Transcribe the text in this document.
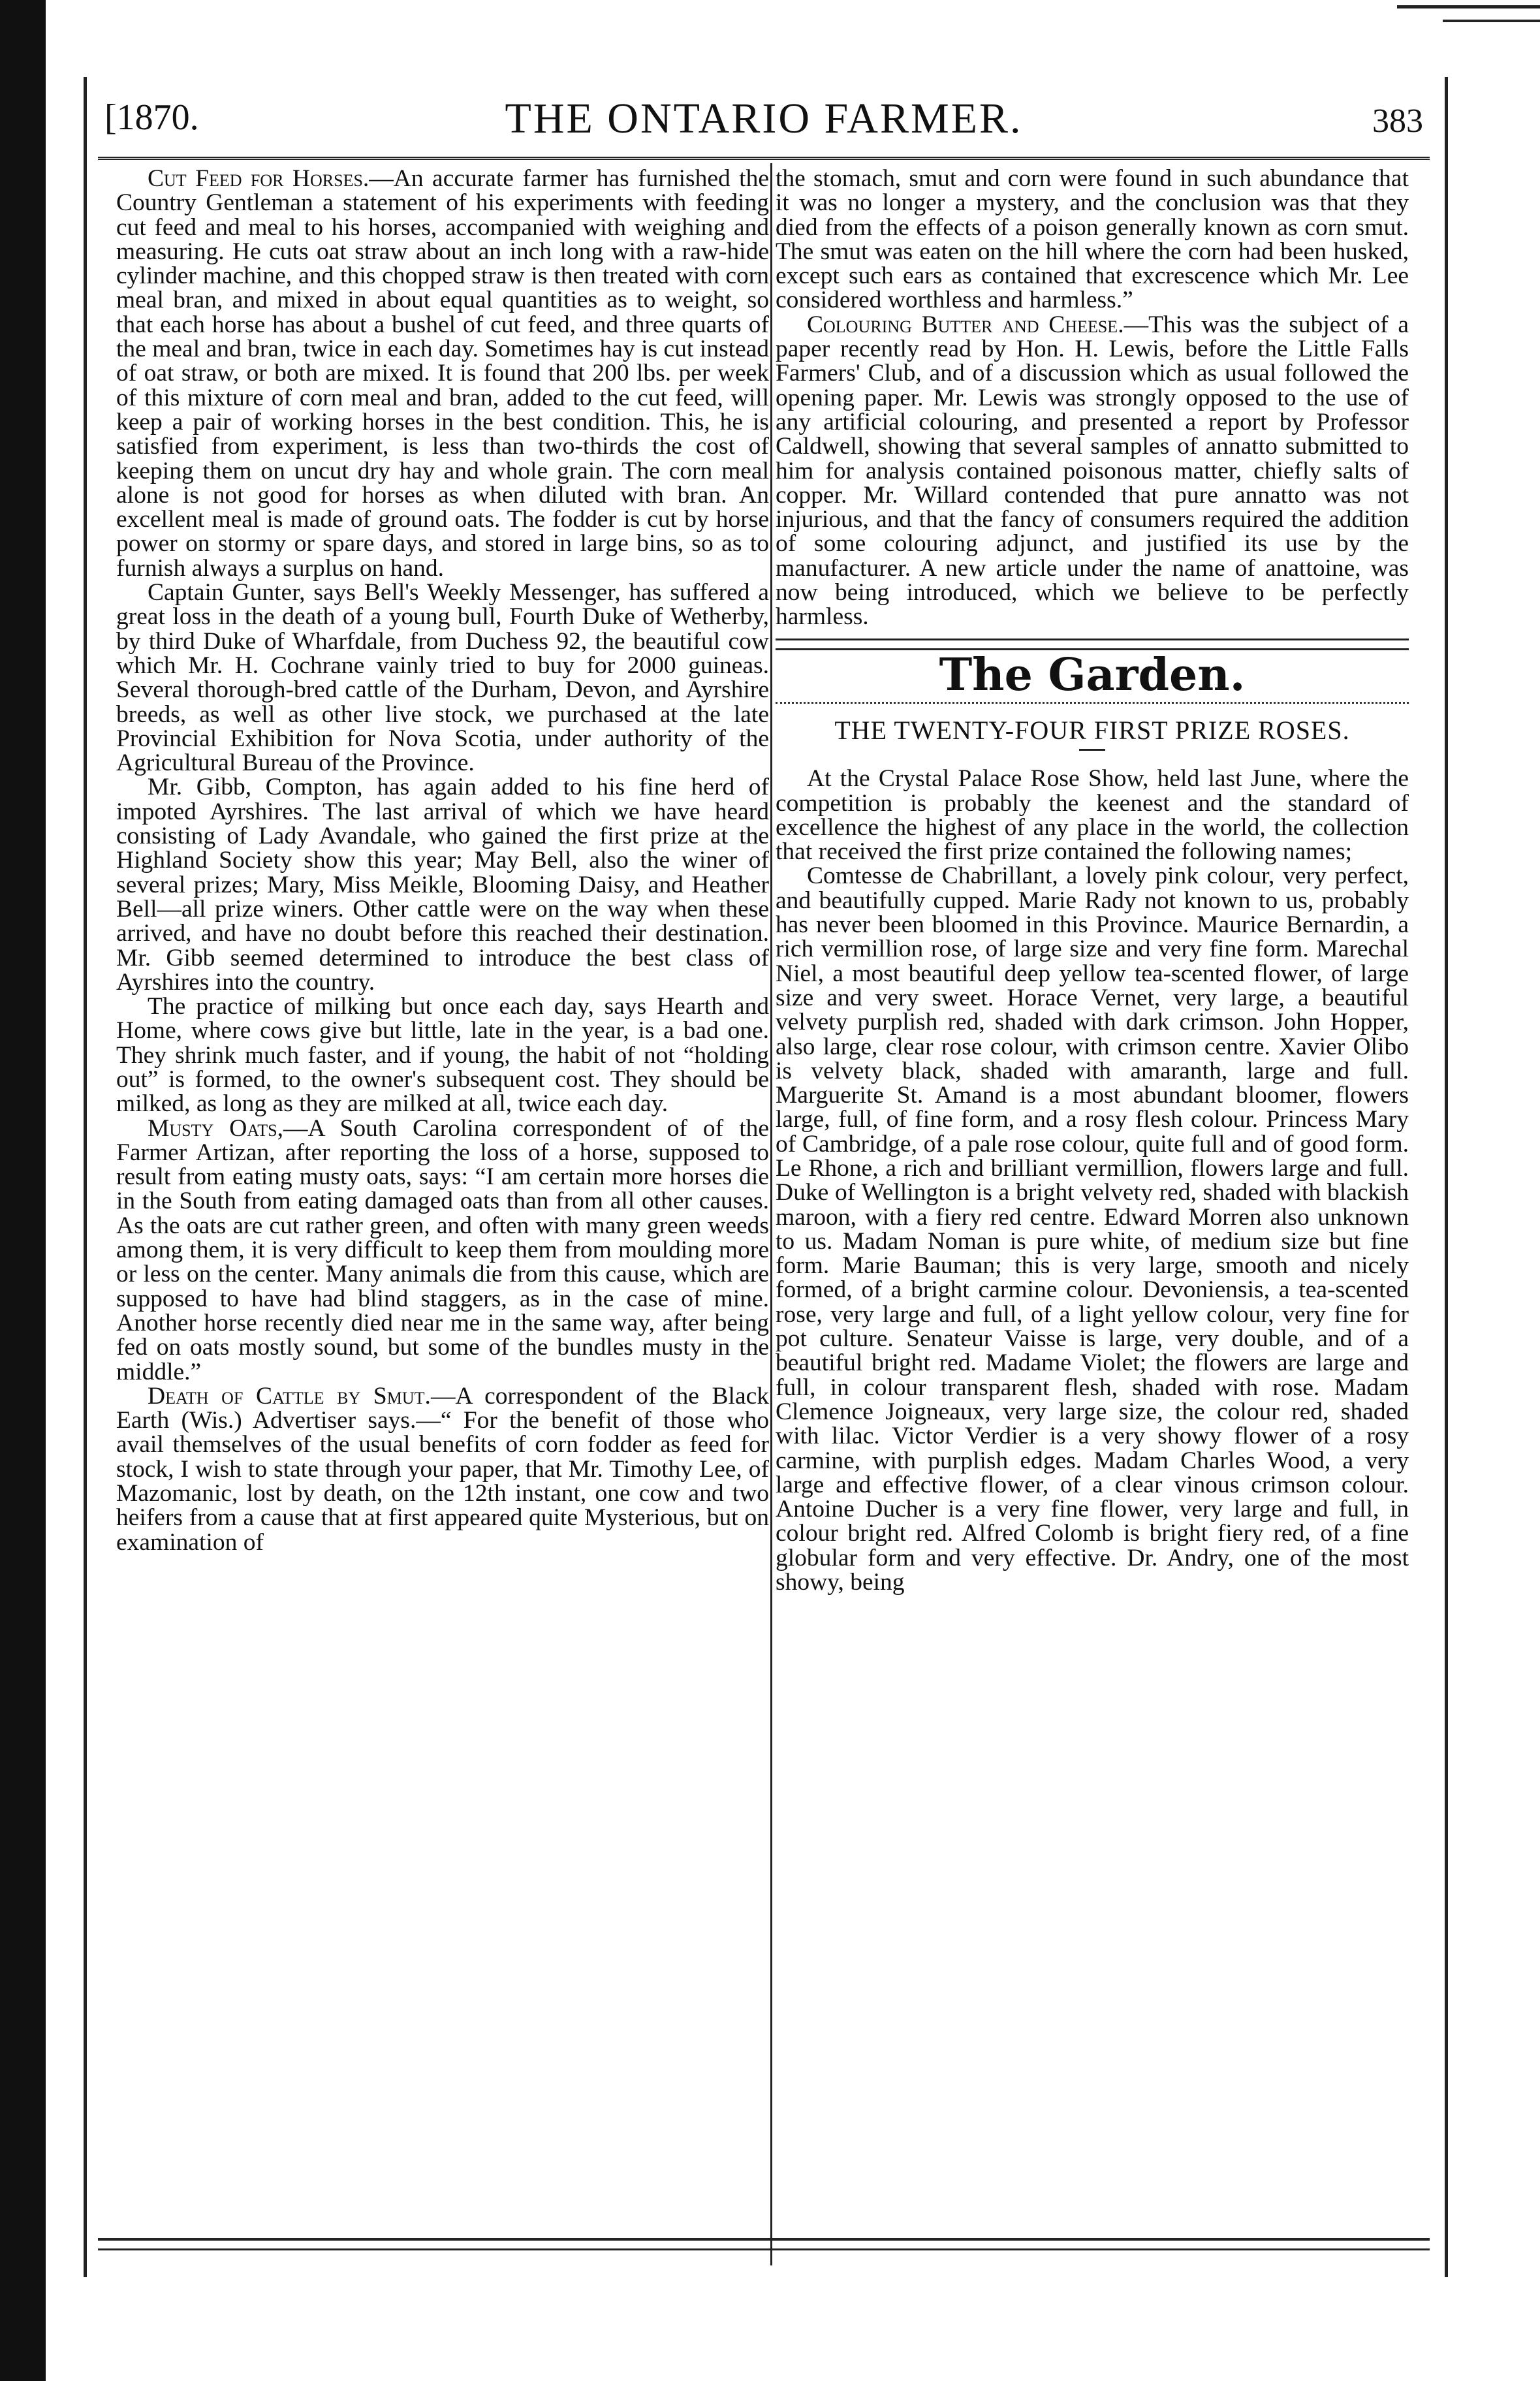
[1870.	THE ONTARIO FARMER.	383

Cut Feed for Horses.—An accurate farmer has furnished the Country Gentleman a statement of his experiments with feeding cut feed and meal to his horses, accompanied with weighing and measuring. He cuts oat straw about an inch long with a raw-hide cylinder machine, and this chopped straw is then treated with corn meal bran, and mixed in about equal quantities as to weight, so that each horse has about a bushel of cut feed, and three quarts of the meal and bran, twice in each day. Sometimes hay is cut instead of oat straw, or both are mixed. It is found that 200 lbs. per week of this mixture of corn meal and bran, added to the cut feed, will keep a pair of working horses in the best condition. This, he is satisfied from experiment, is less than two-thirds the cost of keeping them on uncut dry hay and whole grain. The corn meal alone is not good for horses as when diluted with bran. An excellent meal is made of ground oats. The fodder is cut by horse power on stormy or spare days, and stored in large bins, so as to furnish always a surplus on hand.

Captain Gunter, says Bell's Weekly Messenger, has suffered a great loss in the death of a young bull, Fourth Duke of Wetherby, by third Duke of Wharfdale, from Duchess 92, the beautiful cow which Mr. H. Cochrane vainly tried to buy for 2000 guineas. Several thorough-bred cattle of the Durham, Devon, and Ayrshire breeds, as well as other live stock, we purchased at the late Provincial Exhibition for Nova Scotia, under authority of the Agricultural Bureau of the Province.

Mr. Gibb, Compton, has again added to his fine herd of impoted Ayrshires. The last arrival of which we have heard consisting of Lady Avandale, who gained the first prize at the Highland Society show this year; May Bell, also the winer of several prizes; Mary, Miss Meikle, Blooming Daisy, and Heather Bell—all prize winers. Other cattle were on the way when these arrived, and have no doubt before this reached their destination. Mr. Gibb seemed determined to introduce the best class of Ayrshires into the country.

The practice of milking but once each day, says Hearth and Home, where cows give but little, late in the year, is a bad one. They shrink much faster, and if young, the habit of not “holding out” is formed, to the owner's subsequent cost. They should be milked, as long as they are milked at all, twice each day.

Musty Oats,—A South Carolina correspondent of of the Farmer Artizan, after reporting the loss of a horse, supposed to result from eating musty oats, says: “I am certain more horses die in the South from eating damaged oats than from all other causes. As the oats are cut rather green, and often with many green weeds among them, it is very difficult to keep them from moulding more or less on the center. Many animals die from this cause, which are supposed to have had blind staggers, as in the case of mine. Another horse recently died near me in the same way, after being fed on oats mostly sound, but some of the bundles musty in the middle.”

Death of Cattle by Smut.—A correspondent of the Black Earth (Wis.) Advertiser says.—“ For the benefit of those who avail themselves of the usual benefits of corn fodder as feed for stock, I wish to state through your paper, that Mr. Timothy Lee, of Mazomanic, lost by death, on the 12th instant, one cow and two heifers from a cause that at first appeared quite Mysterious, but on examination of

the stomach, smut and corn were found in such abundance that it was no longer a mystery, and the conclusion was that they died from the effects of a poison generally known as corn smut. The smut was eaten on the hill where the corn had been husked, except such ears as contained that excrescence which Mr. Lee considered worthless and harmless.”

Colouring Butter and Cheese.—This was the subject of a paper recently read by Hon. H. Lewis, before the Little Falls Farmers' Club, and of a discussion which as usual followed the opening paper. Mr. Lewis was strongly opposed to the use of any artificial colouring, and presented a report by Professor Caldwell, showing that several samples of annatto submitted to him for analysis contained poisonous matter, chiefly salts of copper. Mr. Willard contended that pure annatto was not injurious, and that the fancy of consumers required the addition of some colouring adjunct, and justified its use by the manufacturer. A new article under the name of anattoine, was now being introduced, which we believe to be perfectly harmless.

The Garden.
THE TWENTY-FOUR FIRST PRIZE ROSES.

At the Crystal Palace Rose Show, held last June, where the competition is probably the keenest and the standard of excellence the highest of any place in the world, the collection that received the first prize contained the following names;

Comtesse de Chabrillant, a lovely pink colour, very perfect, and beautifully cupped. Marie Rady not known to us, probably has never been bloomed in this Province. Maurice Bernardin, a rich vermillion rose, of large size and very fine form. Marechal Niel, a most beautiful deep yellow tea-scented flower, of large size and very sweet. Horace Vernet, very large, a beautiful velvety purplish red, shaded with dark crimson. John Hopper, also large, clear rose colour, with crimson centre. Xavier Olibo is velvety black, shaded with amaranth, large and full. Marguerite St. Amand is a most abundant bloomer, flowers large, full, of fine form, and a rosy flesh colour. Princess Mary of Cambridge, of a pale rose colour, quite full and of good form. Le Rhone, a rich and brilliant vermillion, flowers large and full. Duke of Wellington is a bright velvety red, shaded with blackish maroon, with a fiery red centre. Edward Morren also unknown to us. Madam Noman is pure white, of medium size but fine form. Marie Bauman; this is very large, smooth and nicely formed, of a bright carmine colour. Devoniensis, a tea-scented rose, very large and full, of a light yellow colour, very fine for pot culture. Senateur Vaisse is large, very double, and of a beautiful bright red. Madame Violet; the flowers are large and full, in colour transparent flesh, shaded with rose. Madam Clemence Joigneaux, very large size, the colour red, shaded with lilac. Victor Verdier is a very showy flower of a rosy carmine, with purplish edges. Madam Charles Wood, a very large and effective flower, of a clear vinous crimson colour. Antoine Ducher is a very fine flower, very large and full, in colour bright red. Alfred Colomb is bright fiery red, of a fine globular form and very effective. Dr. Andry, one of the most showy, being
